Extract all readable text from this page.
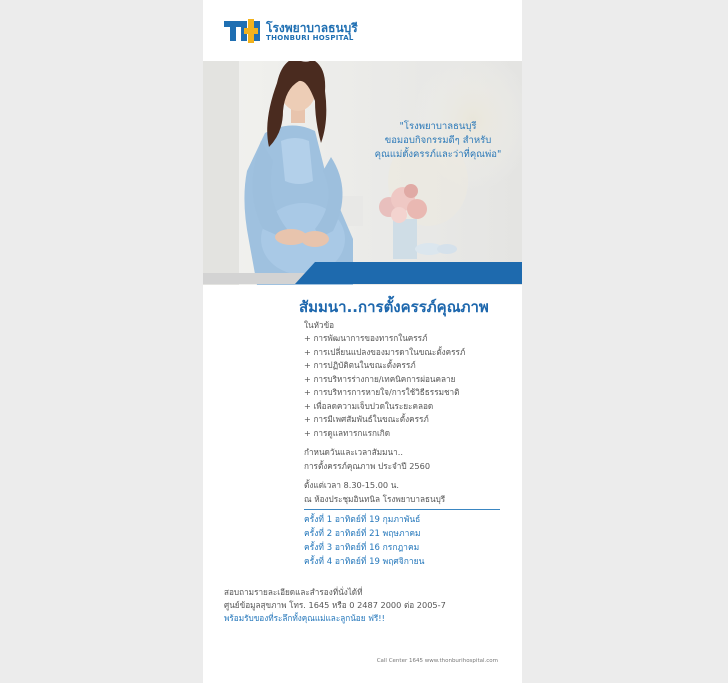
โรงพยาบาลธนบุรี
THONBURI HOSPITAL
"โรงพยาบาลธนบุรี
ขอมอบกิจกรรมดีๆ สำหรับ
คุณแม่ตั้งครรภ์และว่าที่คุณพ่อ"
สัมมนา..การตั้งครรภ์คุณภาพ
ในหัวข้อ
+ การพัฒนาการของทารกในครรภ์
+ การเปลี่ยนแปลงของมารดาในขณะตั้งครรภ์
+ การปฏิบัติตนในขณะตั้งครรภ์
+ การบริหารร่างกาย/เทคนิคการผ่อนคลาย
+ การบริหารการหายใจ/การใช้วิธีธรรมชาติ
+ เพื่อลดความเจ็บปวดในระยะคลอด
+ การมีเพศสัมพันธ์ในขณะตั้งครรภ์
+ การดูแลทารกแรกเกิด
กำหนดวันและเวลาสัมมนา..
การตั้งครรภ์คุณภาพ ประจำปี 2560
ตั้งแต่เวลา 8.30-15.00 น.
ณ ห้องประชุมอินทนิล โรงพยาบาลธนบุรี
ครั้งที่ 1 อาทิตย์ที่ 19 กุมภาพันธ์
ครั้งที่ 2 อาทิตย์ที่ 21 พฤษภาคม
ครั้งที่ 3 อาทิตย์ที่ 16 กรกฎาคม
ครั้งที่ 4 อาทิตย์ที่ 19 พฤศจิกายน
สอบถามรายละเอียดและสำรองที่นั่งได้ที่
ศูนย์ข้อมูลสุขภาพ โทร. 1645 หรือ 0 2487 2000 ต่อ 2005-7
พร้อมรับของที่ระลึกทั้งคุณแม่และลูกน้อย ฟรี!!
Call Center 1645 www.thonburihospital.com
